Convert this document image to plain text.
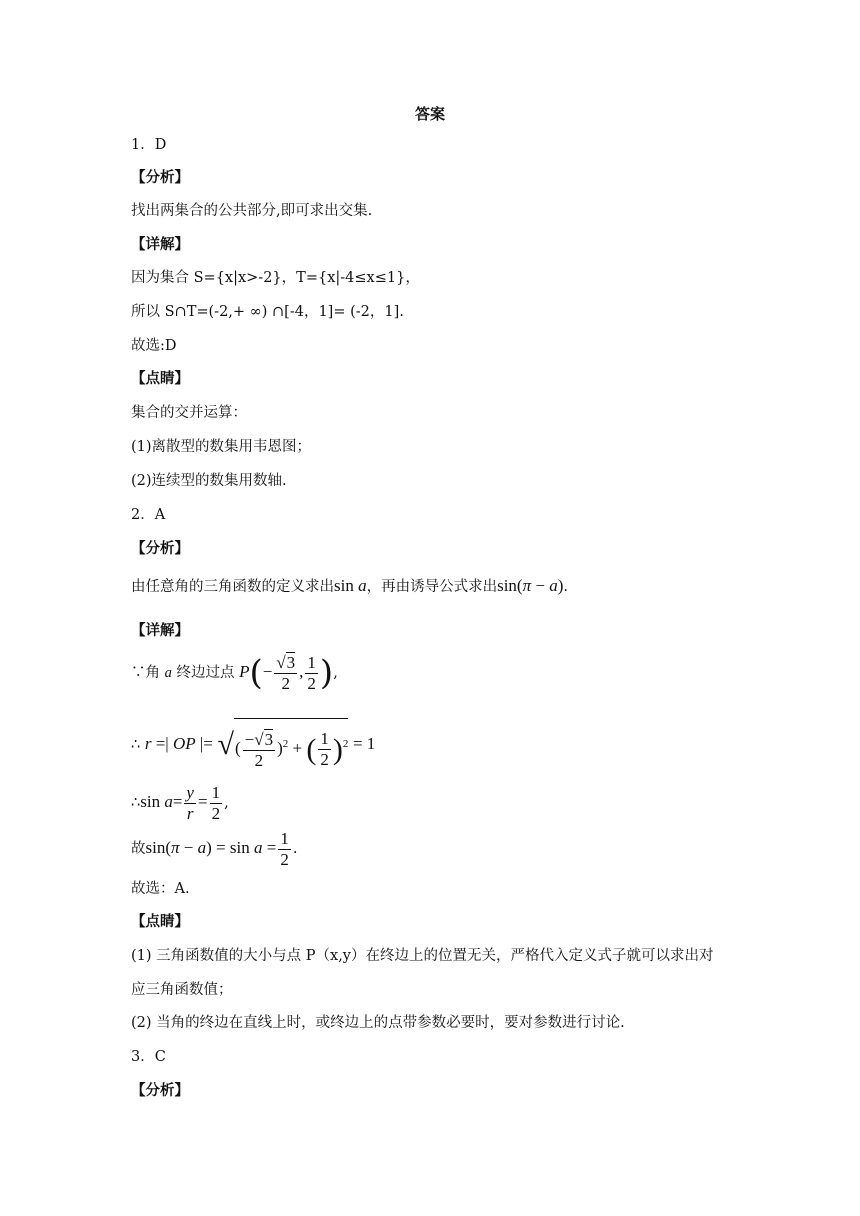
答案
1．D
【分析】
找出两集合的公共部分,即可求出交集.
【详解】
因为集合 S={x|x>-2}，T={x|-4≤x≤1}，
所以 S∩T=(-2,+ ∞) ∩[-4，1]= (-2，1].
故选:D
【点睛】
集合的交并运算：
(1)离散型的数集用韦恩图；
(2)连续型的数集用数轴.
2．A
【分析】
由任意角的三角函数的定义求出sin a，再由诱导公式求出sin(π − a).
【详解】
∵角 a 终边过点 $P(- \frac{√3}{2}$ , $\frac{1}{2}$ ),
∴ r =| OP |= √( $\frac{-√3}{2} )^2$ + ( $\frac{1}{2} )^2 = 1$
∴sin $a= \frac{y}{r} = \frac{1}{2}$ ,
故$\sin(\pi - a) = \sin a = \frac{1}{2}$ .
故选：A.
【点睛】
(1) 三角函数值的大小与点 P（x,y）在终边上的位置无关，严格代入定义式子就可以求出对
应三角函数值；
(2) 当角的终边在直线上时，或终边上的点带参数必要时，要对参数进行讨论.
3．C
【分析】
